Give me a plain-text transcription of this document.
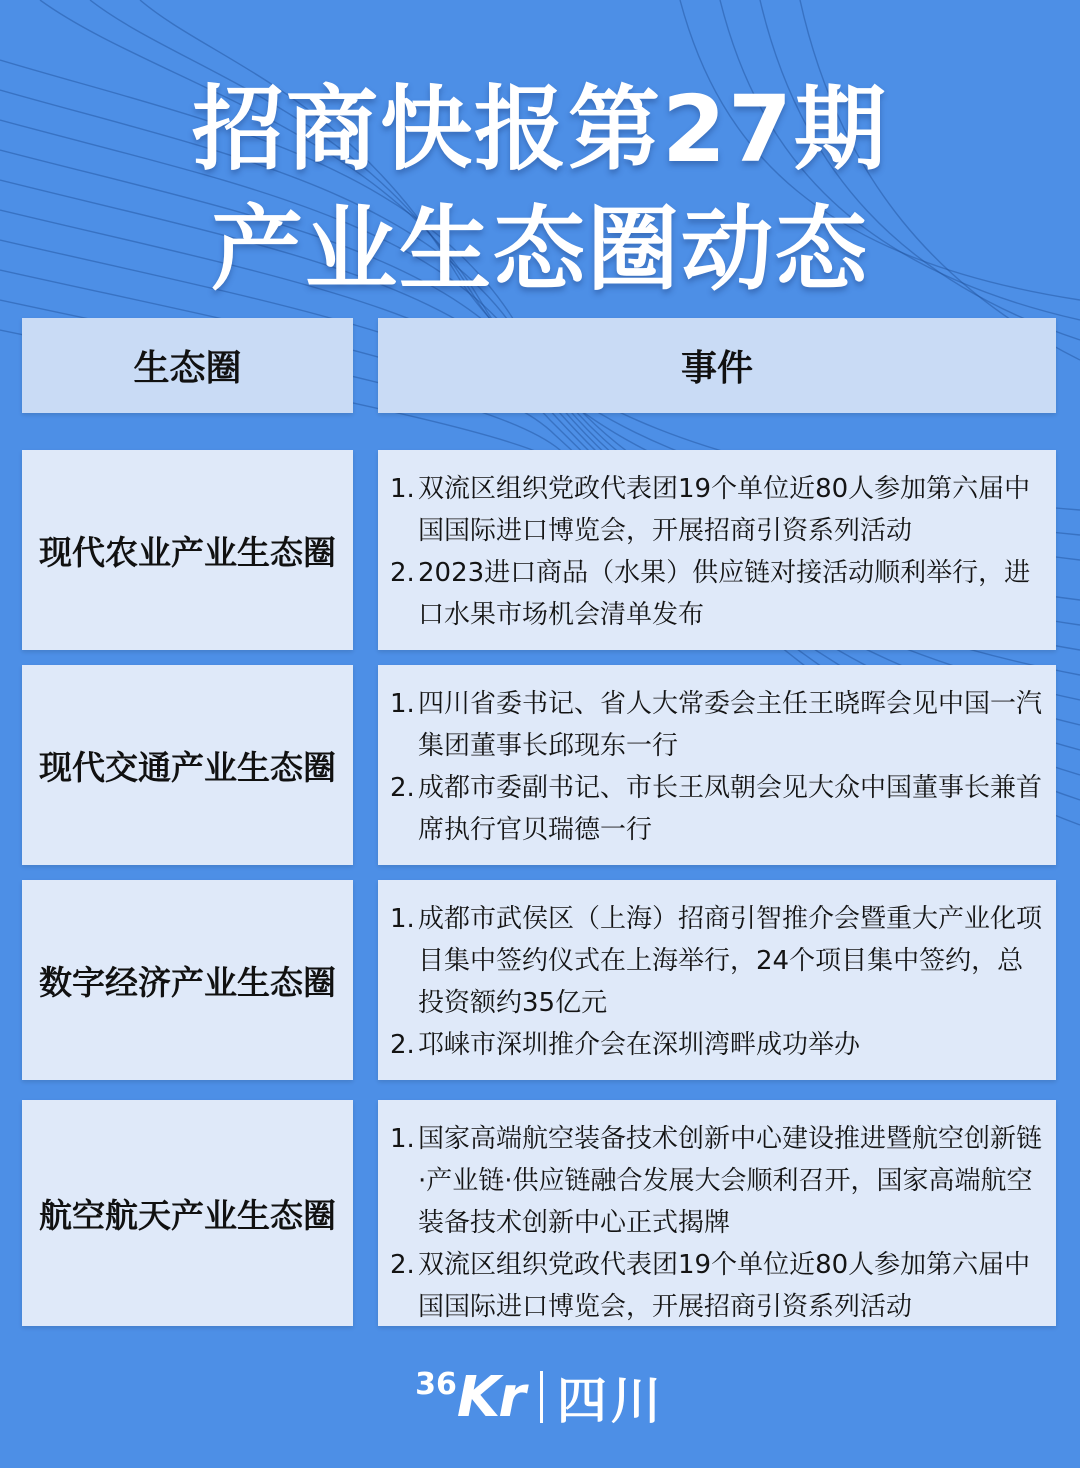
招商快报第27期
产业生态圈动态
生态圈	事件
现代农业产业生态圈
1. 双流区组织党政代表团19个单位近80人参加第六届中国国际进口博览会，开展招商引资系列活动
2. 2023进口商品（水果）供应链对接活动顺利举行，进口水果市场机会清单发布
现代交通产业生态圈
1. 四川省委书记、省人大常委会主任王晓晖会见中国一汽集团董事长邱现东一行
2. 成都市委副书记、市长王凤朝会见大众中国董事长兼首席执行官贝瑞德一行
数字经济产业生态圈
1. 成都市武侯区（上海）招商引智推介会暨重大产业化项目集中签约仪式在上海举行，24个项目集中签约，总投资额约35亿元
2. 邛崃市深圳推介会在深圳湾畔成功举办
航空航天产业生态圈
1. 国家高端航空装备技术创新中心建设推进暨航空创新链·产业链·供应链融合发展大会顺利召开，国家高端航空装备技术创新中心正式揭牌
2. 双流区组织党政代表团19个单位近80人参加第六届中国国际进口博览会，开展招商引资系列活动
$^{36}$Kr 四川
